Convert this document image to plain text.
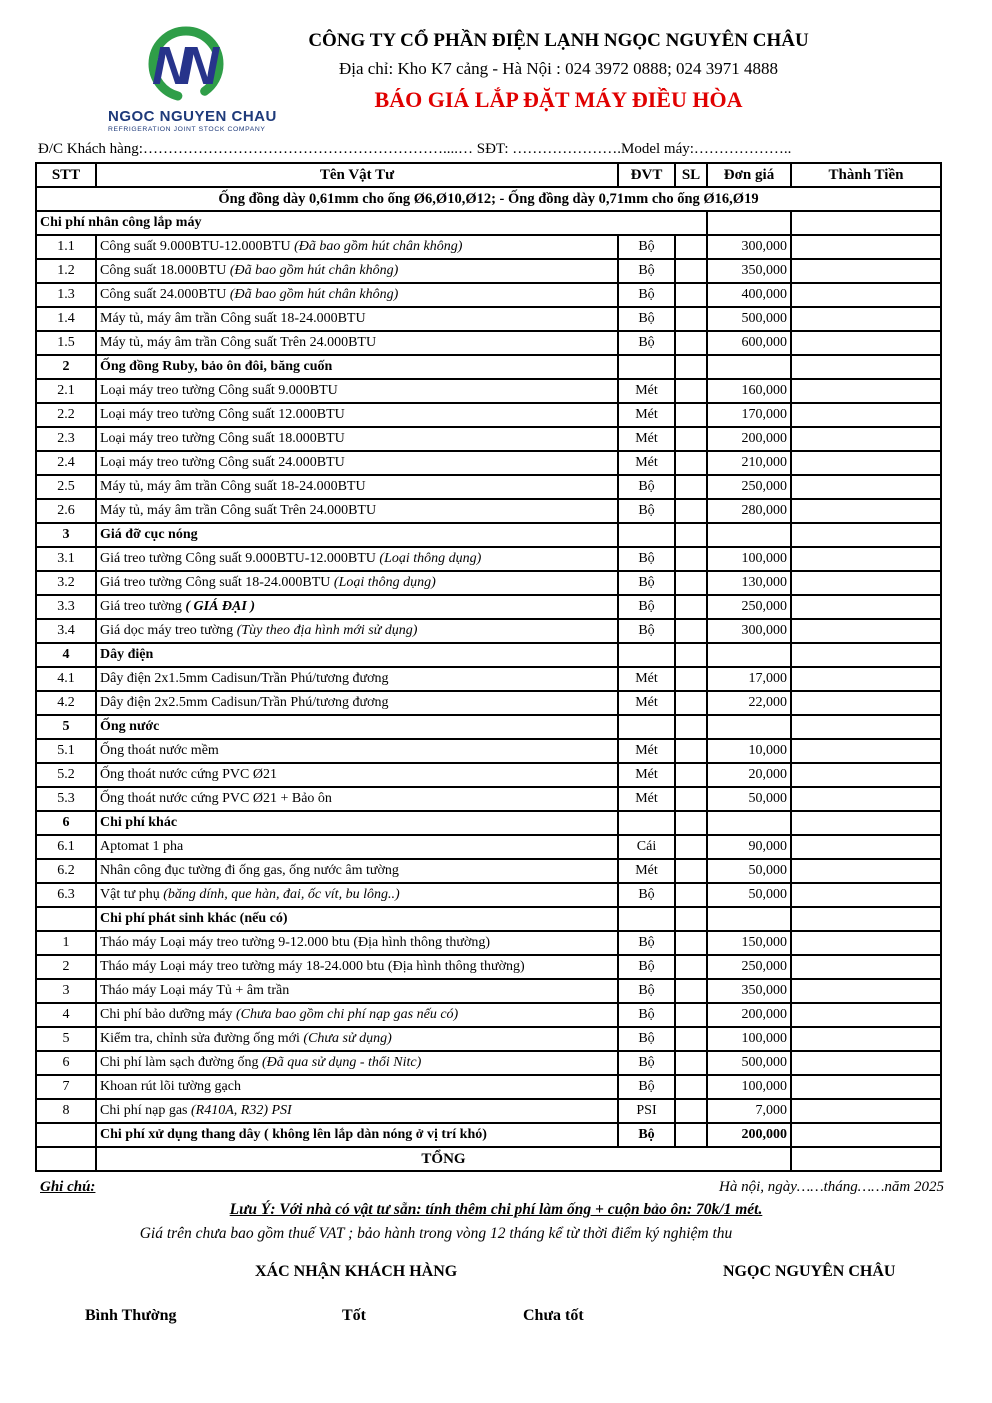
N
N
NGOC NGUYEN CHAU
REFRIGERATION JOINT STOCK COMPANY
CÔNG TY CỔ PHẦN ĐIỆN LẠNH NGỌC NGUYÊN CHÂU
Địa chỉ: Kho K7 cảng - Hà Nội : 024 3972 0888; 024 3971 4888
BÁO GIÁ LẮP ĐẶT MÁY ĐIỀU HÒA
Đ/C Khách hàng:……………………………………………………....… SĐT: ………………….Model máy:………………..
STT	Tên Vật Tư	ĐVT	SL	Đơn giá	Thành Tiền
Ống đồng dày 0,61mm cho ống Ø6,Ø10,Ø12; - Ống đồng dày 0,71mm cho ống Ø16,Ø19					
Chi phí nhân công lắp máy					
1.1	Công suất 9.000BTU-12.000BTU (Đã bao gồm hút chân không)	Bộ		300,000	
1.2	Công suất 18.000BTU (Đã bao gồm hút chân không)	Bộ		350,000	
1.3	Công suất 24.000BTU (Đã bao gồm hút chân không)	Bộ		400,000	
1.4	Máy tủ, máy âm trần Công suất 18-24.000BTU	Bộ		500,000	
1.5	Máy tủ, máy âm trần Công suất Trên 24.000BTU	Bộ		600,000	
2	Ống đồng Ruby, bảo ôn đôi, băng cuốn				
2.1	Loại máy treo tường Công suất 9.000BTU	Mét		160,000	
2.2	Loại máy treo tường Công suất 12.000BTU	Mét		170,000	
2.3	Loại máy treo tường Công suất 18.000BTU	Mét		200,000	
2.4	Loại máy treo tường Công suất 24.000BTU	Mét		210,000	
2.5	Máy tủ, máy âm trần Công suất 18-24.000BTU	Bộ		250,000	
2.6	Máy tủ, máy âm trần Công suất Trên 24.000BTU	Bộ		280,000	
3	Giá đỡ cục nóng				
3.1	Giá treo tường Công suất 9.000BTU-12.000BTU (Loại thông dụng)	Bộ		100,000	
3.2	Giá treo tường Công suất 18-24.000BTU (Loại thông dụng)	Bộ		130,000	
3.3	Giá treo tường ( GIÁ ĐẠI )	Bộ		250,000	
3.4	Giá dọc máy treo tường (Tùy theo địa hình mới sử dụng)	Bộ		300,000	
4	Dây điện				
4.1	Dây điện 2x1.5mm Cadisun/Trần Phú/tương đương	Mét		17,000	
4.2	Dây điện 2x2.5mm Cadisun/Trần Phú/tương đương	Mét		22,000	
5	Ống nước				
5.1	Ống thoát nước mềm	Mét		10,000	
5.2	Ống thoát nước cứng PVC Ø21	Mét		20,000	
5.3	Ống thoát nước cứng PVC Ø21 + Bảo ôn	Mét		50,000	
6	Chi phí khác				
6.1	Aptomat 1 pha	Cái		90,000	
6.2	Nhân công đục tường đi ống gas, ống nước âm tường	Mét		50,000	
6.3	Vật tư phụ (băng dính, que hàn, đai, ốc vít, bu lông..)	Bộ		50,000	
	Chi phí phát sinh khác (nếu có)				
1	Tháo máy Loại máy treo tường 9-12.000 btu (Địa hình thông thường)	Bộ		150,000	
2	Tháo máy Loại máy treo tường máy 18-24.000 btu (Địa hình thông thường)	Bộ		250,000	
3	Tháo máy Loại máy Tủ + âm trần	Bộ		350,000	
4	Chi phí bảo dưỡng máy (Chưa bao gồm chi phí nạp gas nếu có)	Bộ		200,000	
5	Kiểm tra, chỉnh sửa đường ống mới (Chưa sử dụng)	Bộ		100,000	
6	Chi phí làm sạch đường ống (Đã qua sử dụng - thổi Nitc)	Bộ		500,000	
7	Khoan rút lõi tường gạch	Bộ		100,000	
8	Chi phí nạp gas (R410A, R32) PSI	PSI		7,000	
	Chi phí xử dụng thang dây ( không lên lắp dàn nóng ở vị trí khó)	Bộ		200,000	
	TỔNG				
Ghi chú:	Hà nội, ngày……tháng……năm 2025
Lưu Ý: Với nhà có vật tư sẵn: tính thêm chi phí làm ống + cuộn bảo ôn: 70k/1 mét.
Giá trên chưa bao gồm thuế VAT ; bảo hành trong vòng 12 tháng kể từ thời điểm ký nghiệm thu
XÁC NHẬN KHÁCH HÀNG	NGỌC NGUYÊN CHÂU
Bình Thường	Tốt	Chưa tốt
